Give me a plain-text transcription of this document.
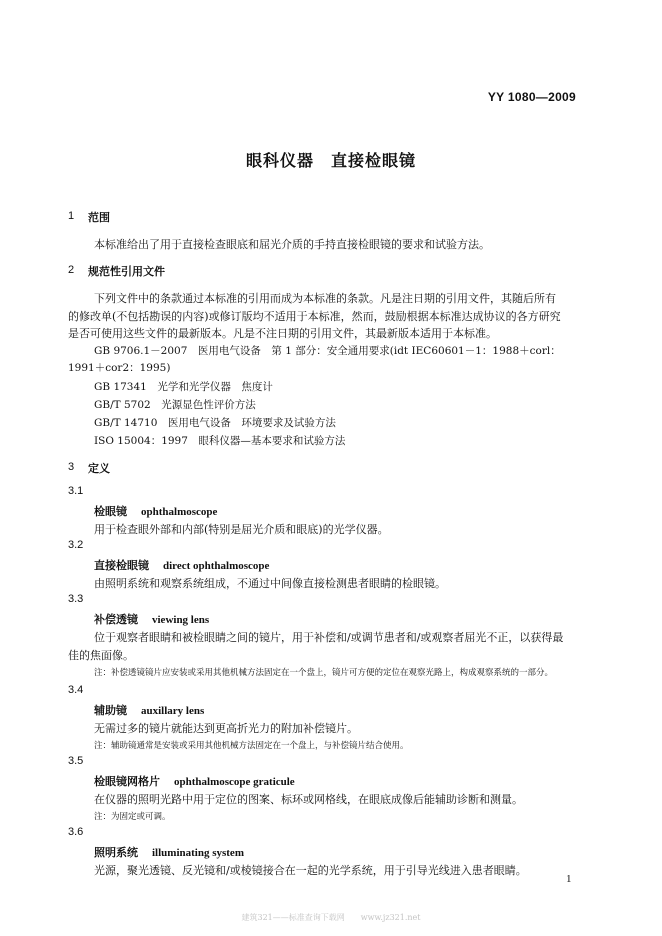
YY 1080—2009
眼科仪器　直接检眼镜
1 范围
本标准给出了用于直接检查眼底和屈光介质的手持直接检眼镜的要求和试验方法。
2 规范性引用文件
下列文件中的条款通过本标准的引用而成为本标准的条款。凡是注日期的引用文件，其随后所有
的修改单(不包括勘误的内容)或修订版均不适用于本标准，然而，鼓励根据本标准达成协议的各方研究
是否可使用这些文件的最新版本。凡是不注日期的引用文件，其最新版本适用于本标准。
GB 9706.1－2007　医用电气设备　第 1 部分：安全通用要求(idt IEC60601－1：1988＋corl：
1991＋cor2：1995)
GB 17341　光学和光学仪器　焦度计
GB/T 5702　光源显色性评价方法
GB/T 14710　医用电气设备　环境要求及试验方法
ISO 15004：1997　眼科仪器—基本要求和试验方法
3 定义
3.1
检眼镜 ophthalmoscope
用于检查眼外部和内部(特别是屈光介质和眼底)的光学仪器。
3.2
直接检眼镜 direct ophthalmoscope
由照明系统和观察系统组成，不通过中间像直接检测患者眼睛的检眼镜。
3.3
补偿透镜 viewing lens
位于观察者眼睛和被检眼睛之间的镜片，用于补偿和/或调节患者和/或观察者屈光不正，以获得最
佳的焦面像。
注：补偿透镜镜片应安装或采用其他机械方法固定在一个盘上，镜片可方便的定位在观察光路上，构成观察系统的一部分。
3.4
辅助镜 auxillary lens
无需过多的镜片就能达到更高折光力的附加补偿镜片。
注：辅助镜通常是安装或采用其他机械方法固定在一个盘上，与补偿镜片结合使用。
3.5
检眼镜网格片 ophthalmoscope graticule
在仪器的照明光路中用于定位的图案、标环或网格线，在眼底成像后能辅助诊断和测量。
注：为固定或可调。
3.6
照明系统 illuminating system
光源，聚光透镜、反光镜和/或棱镜接合在一起的光学系统，用于引导光线进入患者眼睛。
1
建筑321——标准查询下载网　　www.jz321.net
